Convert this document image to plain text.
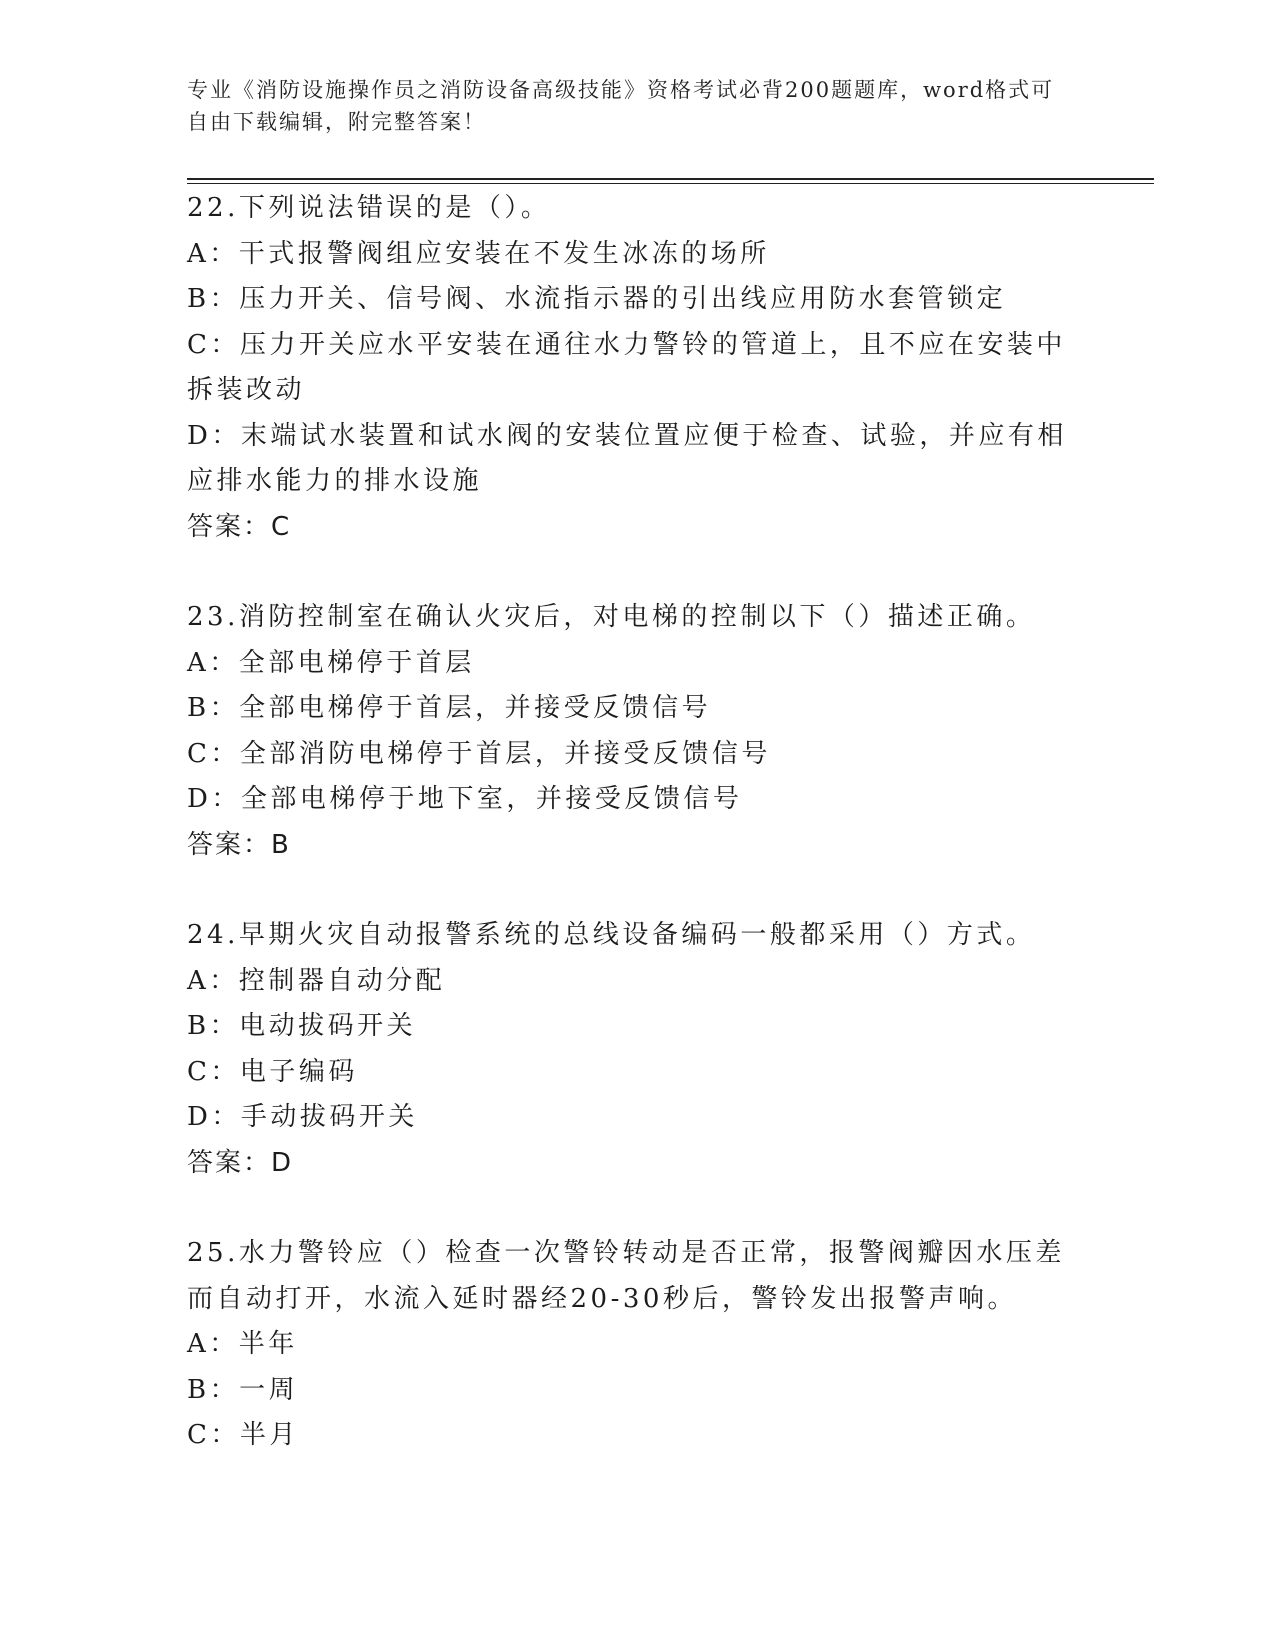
专业《消防设施操作员之消防设备高级技能》资格考试必背200题题库，word格式可自由下载编辑，附完整答案！
22.下列说法错误的是（）。
A：干式报警阀组应安装在不发生冰冻的场所
B：压力开关、信号阀、水流指示器的引出线应用防水套管锁定
C：压力开关应水平安装在通往水力警铃的管道上，且不应在安装中拆装改动
D：末端试水装置和试水阀的安装位置应便于检查、试验，并应有相应排水能力的排水设施
答案：C
23.消防控制室在确认火灾后，对电梯的控制以下（）描述正确。
A：全部电梯停于首层
B：全部电梯停于首层，并接受反馈信号
C：全部消防电梯停于首层，并接受反馈信号
D：全部电梯停于地下室，并接受反馈信号
答案：B
24.早期火灾自动报警系统的总线设备编码一般都采用（）方式。
A：控制器自动分配
B：电动拔码开关
C：电子编码
D：手动拔码开关
答案：D
25.水力警铃应（）检查一次警铃转动是否正常，报警阀瓣因水压差而自动打开，水流入延时器经20-30秒后，警铃发出报警声响。
A：半年
B：一周
C：半月
